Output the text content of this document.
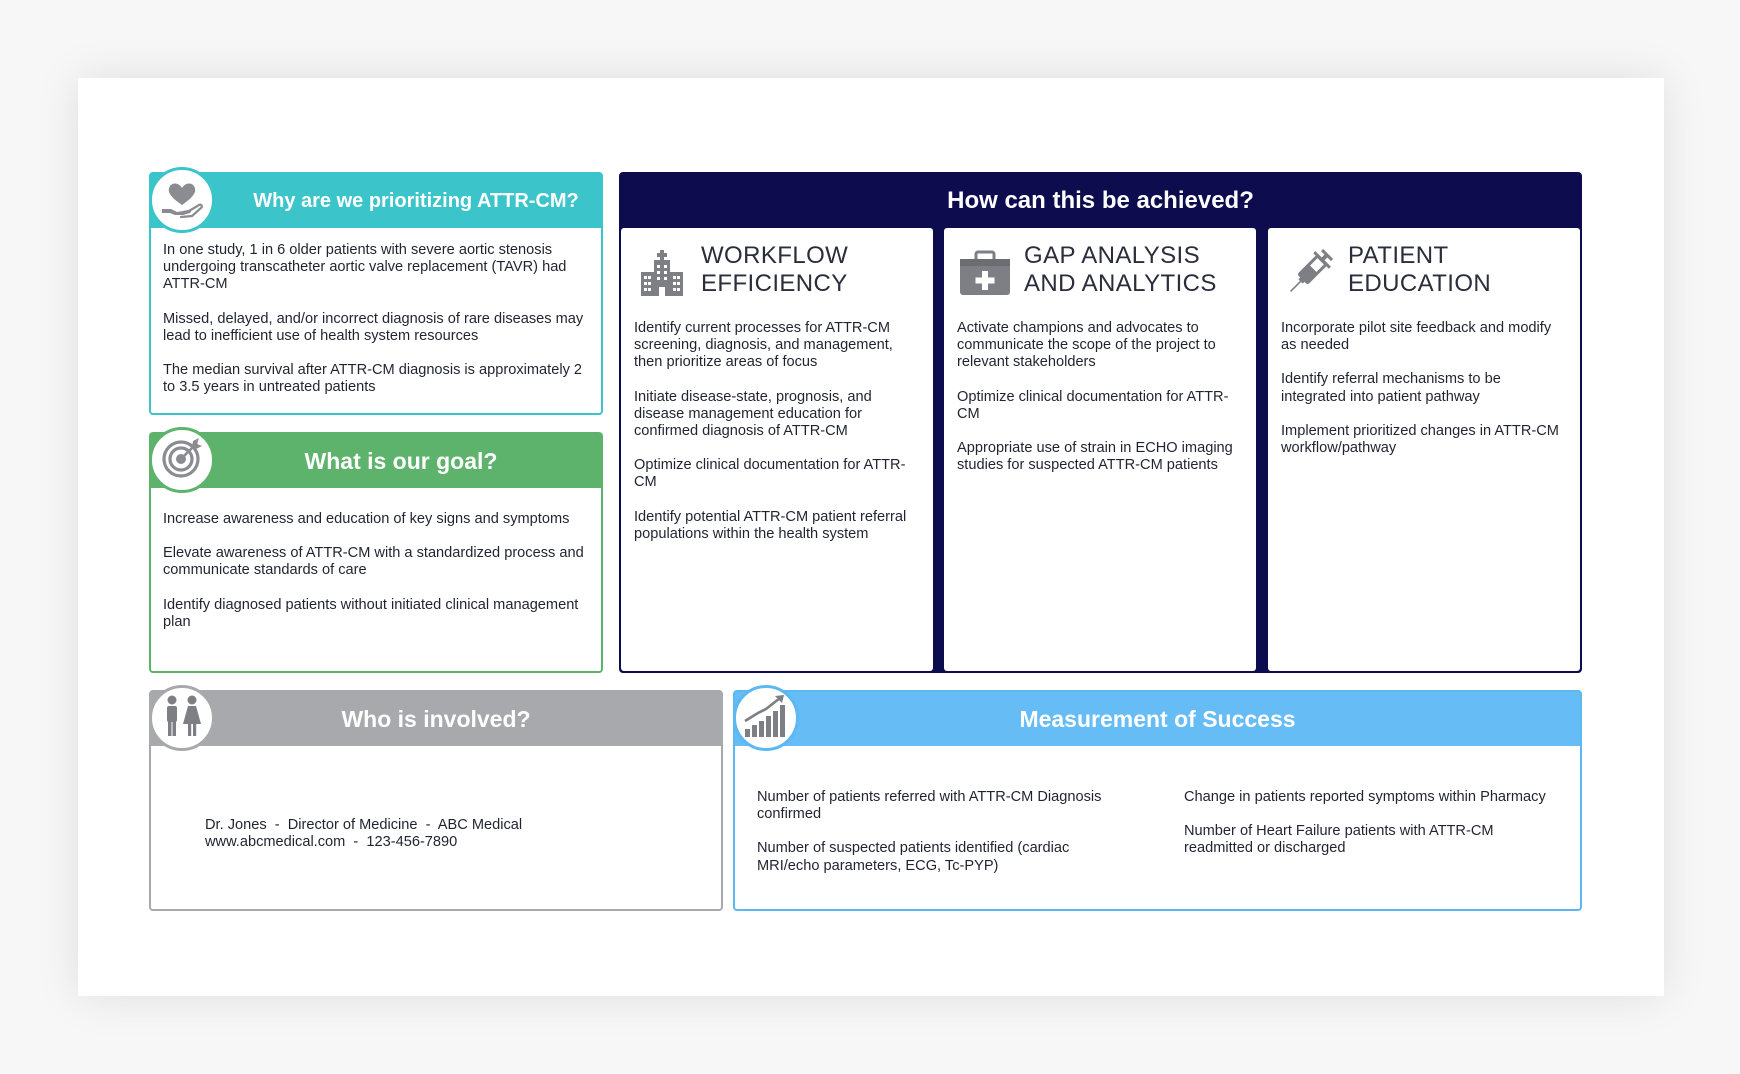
Why are we prioritizing ATTR-CM?

In one study, 1 in 6 older patients with severe aortic stenosis undergoing transcatheter aortic valve replacement (TAVR) had ATTR-CM

Missed, delayed, and/or incorrect diagnosis of rare diseases may lead to inefficient use of health system resources

The median survival after ATTR-CM diagnosis is approximately 2 to 3.5 years in untreated patients

What is our goal?

Increase awareness and education of key signs and symptoms

Elevate awareness of ATTR-CM with a standardized process and communicate standards of care

Identify diagnosed patients without initiated clinical management plan

How can this be achieved?
WORKFLOW
EFFICIENCY

Identify current processes for ATTR-CM screening, diagnosis, and management, then prioritize areas of focus

Initiate disease-state, prognosis, and disease management education for confirmed diagnosis of ATTR-CM

Optimize clinical documentation for ATTR-CM

Identify potential ATTR-CM patient referral populations within the health system

GAP ANALYSIS
AND ANALYTICS

Activate champions and advocates to communicate the scope of the project to relevant stakeholders

Optimize clinical documentation for ATTR-CM

Appropriate use of strain in ECHO imaging studies for suspected ATTR-CM patients

PATIENT
EDUCATION

Incorporate pilot site feedback and modify as needed

Identify referral mechanisms to be integrated into patient pathway

Implement prioritized changes in ATTR-CM workflow/pathway

Who is involved?
Dr. Jones  -  Director of Medicine  -  ABC Medical
www.abcmedical.com  -  123-456-7890
Measurement of Success

Number of patients referred with ATTR-CM Diagnosis confirmed

Number of suspected patients identified (cardiac MRI/echo parameters, ECG, Tc-PYP)

Change in patients reported symptoms within Pharmacy

Number of Heart Failure patients with ATTR-CM readmitted or discharged
